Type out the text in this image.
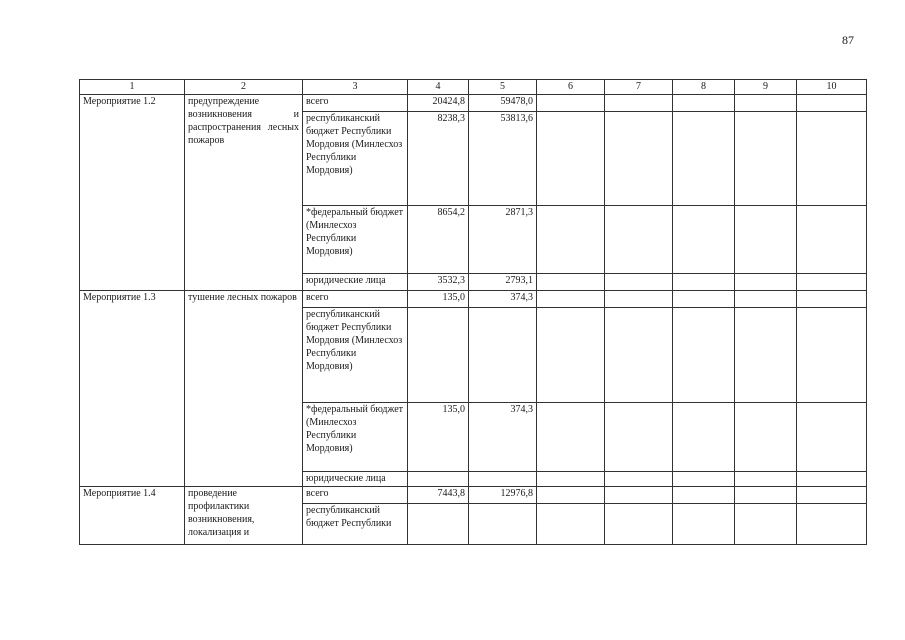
87
1	2	3	4	5	6	7	8	9	10
Мероприятие 1.2	предупреждение возникновения и распространения лесных пожаров	всего	20424,8	59478,0					
		республиканский бюджет Республики Мордовия (Минлесхоз Республики Мордовия)	8238,3	53813,6					
		*федеральный бюджет (Минлесхоз Республики Мордовия)	8654,2	2871,3					
		юридические лица	3532,3	2793,1					
Мероприятие 1.3	тушение лесных пожаров	всего	135,0	374,3					
		республиканский бюджет Республики Мордовия (Минлесхоз Республики Мордовия)							
		*федеральный бюджет (Минлесхоз Республики Мордовия)	135,0	374,3					
		юридические лица							
Мероприятие 1.4	проведение профилактики возникновения, локализация и	всего	7443,8	12976,8					
		республиканский бюджет Республики							
